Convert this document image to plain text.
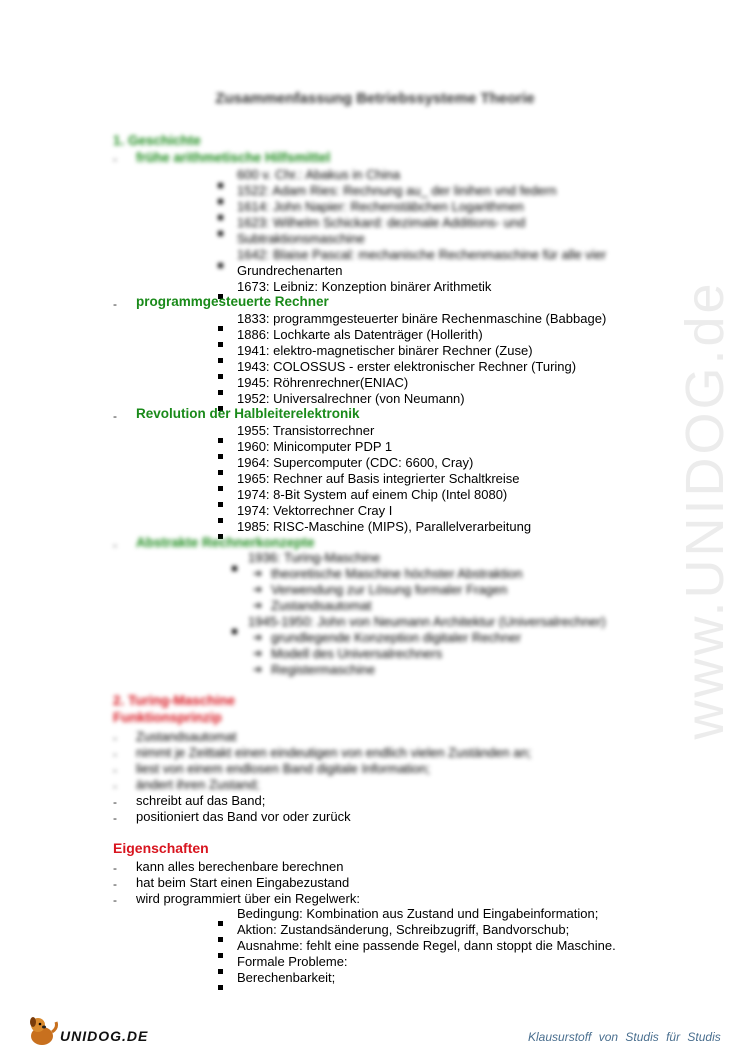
www.UNIDOG.de
Zusammenfassung Betriebssysteme Theorie
1. Geschichte
- frühe arithmetische Hilfsmittel
600 v. Chr.: Abakus in China
1522: Adam Ries: Rechnung au_ der linihen vnd federn
1614: John Napier: Rechenstäbchen Logarithmen
1623: Wilhelm Schickard: dezimale Additions- und
Subtraktionsmaschine
1642: Blaise Pascal: mechanische Rechenmaschine für alle vier
Grundrechenarten
1673: Leibniz: Konzeption binärer Arithmetik
- programmgesteuerte Rechner
1833: programmgesteuerter binäre Rechenmaschine (Babbage)
1886: Lochkarte als Datenträger (Hollerith)
1941: elektro-magnetischer binärer Rechner (Zuse)
1943: COLOSSUS - erster elektronischer Rechner (Turing)
1945: Röhrenrechner(ENIAC)
1952: Universalrechner (von Neumann)
- Revolution der Halbleiterelektronik
1955: Transistorrechner
1960: Minicomputer PDP 1
1964: Supercomputer (CDC: 6600, Cray)
1965: Rechner auf Basis integrierter Schaltkreise
1974: 8-Bit System auf einem Chip (Intel 8080)
1974: Vektorrechner Cray I
1985: RISC-Maschine (MIPS), Parallelverarbeitung
- Abstrakte Rechnerkonzepte
1936: Turing-Maschine
➔ theoretische Maschine höchster Abstraktion
➔ Verwendung zur Lösung formaler Fragen
➔ Zustandsautomat
1945-1950: John von Neumann Architektur (Universalrechner)
➔ grundlegende Konzeption digitaler Rechner
➔ Modell des Universalrechners
➔ Registermaschine
2. Turing-Maschine
Funktionsprinzip
- Zustandsautomat
- nimmt je Zeittakt einen eindeutigen von endlich vielen Zuständen an;
- liest von einem endlosen Band digitale Information;
- ändert ihren Zustand;
- schreibt auf das Band;
- positioniert das Band vor oder zurück
Eigenschaften
- kann alles berechenbare berechnen
- hat beim Start einen Eingabezustand
- wird programmiert über ein Regelwerk:
Bedingung: Kombination aus Zustand und Eingabeinformation;
Aktion: Zustandsänderung, Schreibzugriff, Bandvorschub;
Ausnahme: fehlt eine passende Regel, dann stoppt die Maschine.
Formale Probleme:
Berechenbarkeit;
UNIDOG.DE	Klausurstoff von Studis für Studis
